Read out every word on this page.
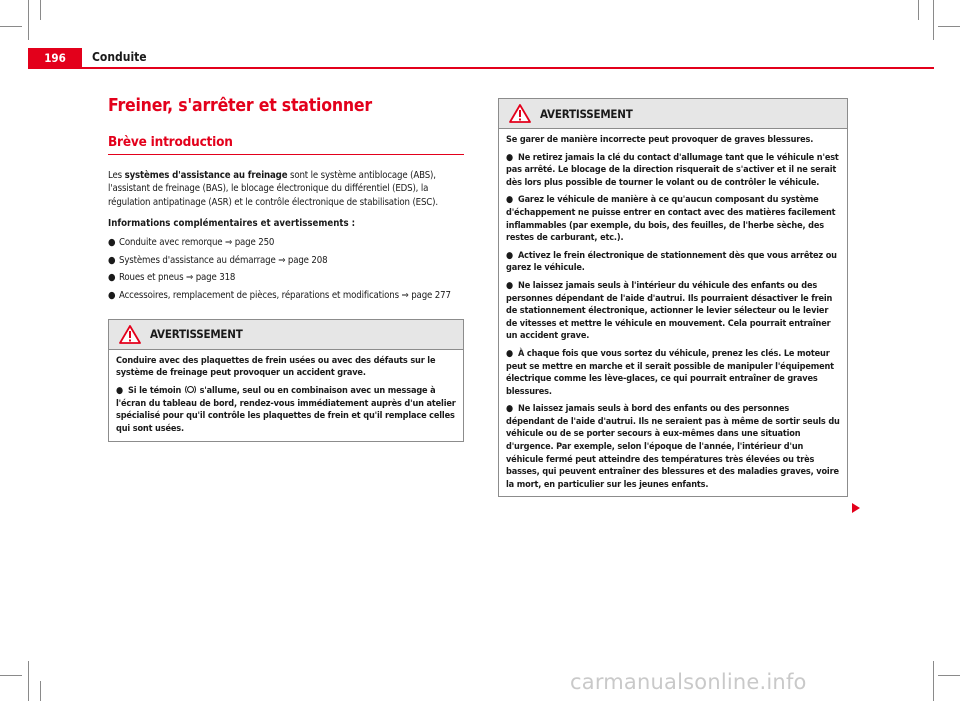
196	Conduite
Freiner, s'arrêter et stationner
Brève introduction

Les systèmes d'assistance au freinage sont le système antiblocage (ABS), l'assistant de freinage (BAS), le blocage électronique du différentiel (EDS), la régulation antipatinage (ASR) et le contrôle électronique de stabilisation (ESC).

Informations complémentaires et avertissements :
● Conduite avec remorque ⇒ page 250
● Systèmes d'assistance au démarrage ⇒ page 208
● Roues et pneus ⇒ page 318
● Accessoires, remplacement de pièces, réparations et modifications ⇒ page 277
AVERTISSEMENT
Conduire avec des plaquettes de frein usées ou avec des défauts sur le système de freinage peut provoquer un accident grave.
● Si le témoin  s'allume, seul ou en combinaison avec un message à l'écran du tableau de bord, rendez-vous immédiatement auprès d'un atelier spécialisé pour qu'il contrôle les plaquettes de frein et qu'il remplace celles qui sont usées.
AVERTISSEMENT
Se garer de manière incorrecte peut provoquer de graves blessures.
● Ne retirez jamais la clé du contact d'allumage tant que le véhicule n'est pas arrêté. Le blocage de la direction risquerait de s'activer et il ne serait dès lors plus possible de tourner le volant ou de contrôler le véhicule.
● Garez le véhicule de manière à ce qu'aucun composant du système d'échappement ne puisse entrer en contact avec des matières facilement inflammables (par exemple, du bois, des feuilles, de l'herbe sèche, des restes de carburant, etc.).
● Activez le frein électronique de stationnement dès que vous arrêtez ou garez le véhicule.
● Ne laissez jamais seuls à l'intérieur du véhicule des enfants ou des personnes dépendant de l'aide d'autrui. Ils pourraient désactiver le frein de stationnement électronique, actionner le levier sélecteur ou le levier de vitesses et mettre le véhicule en mouvement. Cela pourrait entraîner un accident grave.
● À chaque fois que vous sortez du véhicule, prenez les clés. Le moteur peut se mettre en marche et il serait possible de manipuler l'équipement électrique comme les lève-glaces, ce qui pourrait entraîner de graves blessures.
● Ne laissez jamais seuls à bord des enfants ou des personnes dépendant de l'aide d'autrui. Ils ne seraient pas à même de sortir seuls du véhicule ou de se porter secours à eux-mêmes dans une situation d'urgence. Par exemple, selon l'époque de l'année, l'intérieur d'un véhicule fermé peut atteindre des températures très élevées ou très basses, qui peuvent entraîner des blessures et des maladies graves, voire la mort, en particulier sur les jeunes enfants.
carmanualsonline.info
